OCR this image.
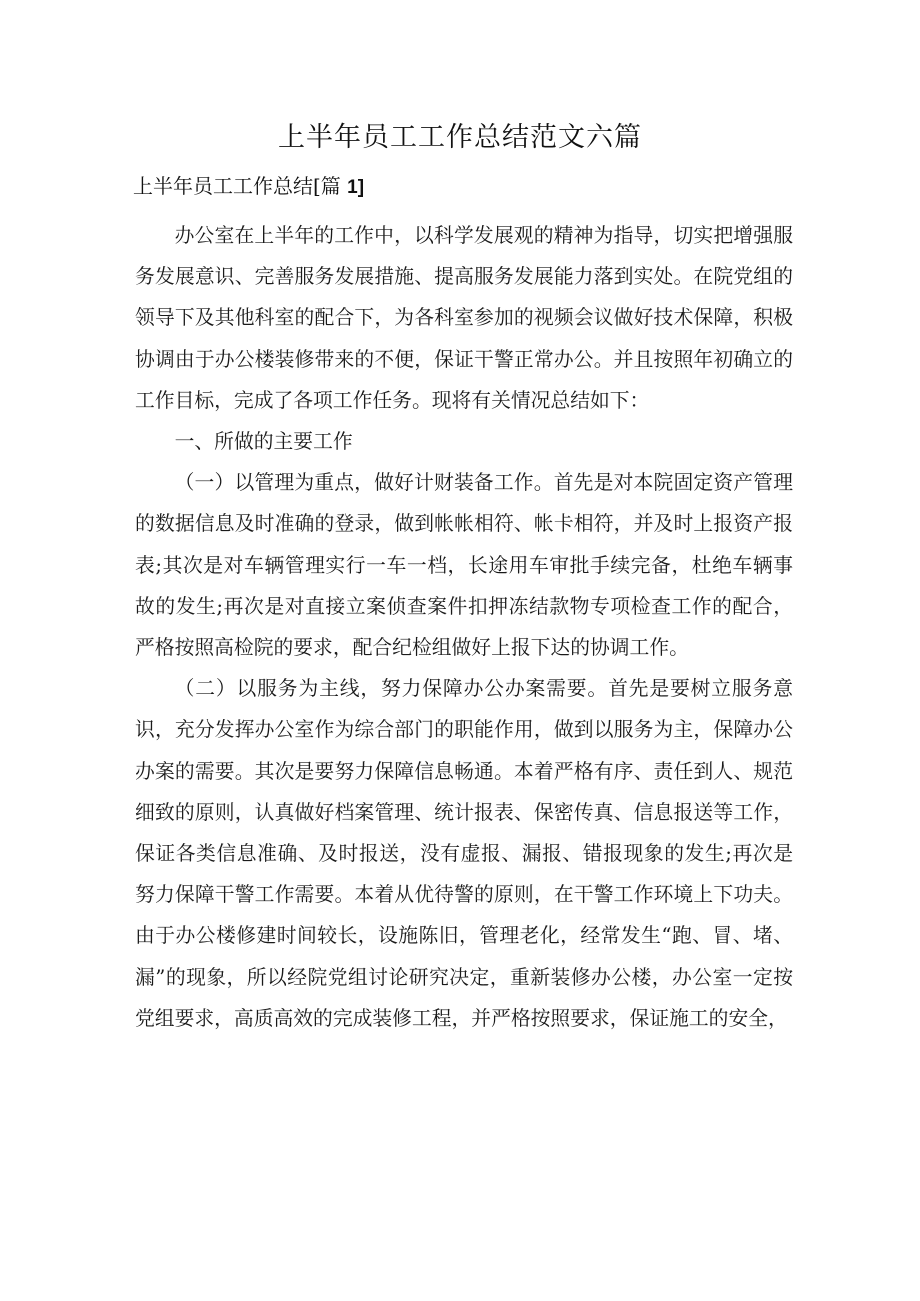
上半年员工工作总结范文六篇
上半年员工工作总结[篇 1]

办公室在上半年的工作中，以科学发展观的精神为指导，切实把增强服务发展意识、完善服务发展措施、提高服务发展能力落到实处。在院党组的领导下及其他科室的配合下，为各科室参加的视频会议做好技术保障，积极协调由于办公楼装修带来的不便，保证干警正常办公。并且按照年初确立的工作目标，完成了各项工作任务。现将有关情况总结如下：

一、所做的主要工作

（一）以管理为重点，做好计财装备工作。首先是对本院固定资产管理的数据信息及时准确的登录，做到帐帐相符、帐卡相符，并及时上报资产报表;其次是对车辆管理实行一车一档，长途用车审批手续完备，杜绝车辆事故的发生;再次是对直接立案侦查案件扣押冻结款物专项检查工作的配合，严格按照高检院的要求，配合纪检组做好上报下达的协调工作。

（二）以服务为主线，努力保障办公办案需要。首先是要树立服务意识，充分发挥办公室作为综合部门的职能作用，做到以服务为主，保障办公办案的需要。其次是要努力保障信息畅通。本着严格有序、责任到人、规范细致的原则，认真做好档案管理、统计报表、保密传真、信息报送等工作，保证各类信息准确、及时报送，没有虚报、漏报、错报现象的发生;再次是努力保障干警工作需要。本着从优待警的原则，在干警工作环境上下功夫。由于办公楼修建时间较长，设施陈旧，管理老化，经常发生“跑、冒、堵、漏”的现象，所以经院党组讨论研究决定，重新装修办公楼，办公室一定按党组要求，高质高效的完成装修工程，并严格按照要求，保证施工的安全，
